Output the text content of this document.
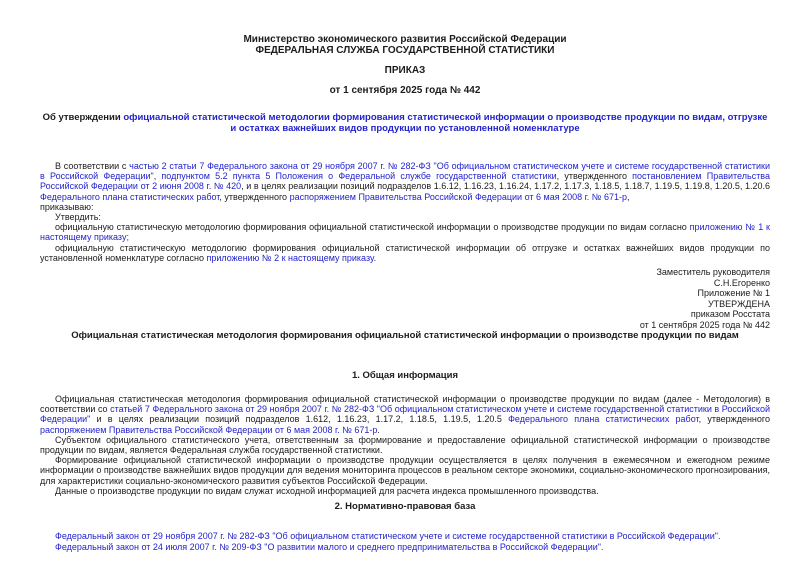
Министерство экономического развития Российской Федерации
ФЕДЕРАЛЬНАЯ СЛУЖБА ГОСУДАРСТВЕННОЙ СТАТИСТИКИ
ПРИКАЗ
от 1 сентября 2025 года № 442
Об утверждении официальной статистической методологии формирования статистической информации о производстве продукции по видам, отгрузке и остатках важнейших видов продукции по установленной номенклатуре

В соответствии с частью 2 статьи 7 Федерального закона от 29 ноября 2007 г. № 282-ФЗ "Об официальном статистическом учете и системе государственной статистики в Российской Федерации", подпунктом 5.2 пункта 5 Положения о Федеральной службе государственной статистики, утвержденного постановлением Правительства Российской Федерации от 2 июня 2008 г. № 420, и в целях реализации позиций подразделов 1.6.12, 1.16.23, 1.16.24, 1.17.2, 1.17.3, 1.18.5, 1.18.7, 1.19.5, 1.19.8, 1.20.5, 1.20.6 Федерального плана статистических работ, утвержденного распоряжением Правительства Российской Федерации от 6 мая 2008 г. № 671-р,

приказываю:

Утвердить:

официальную статистическую методологию формирования официальной статистической информации о производстве продукции по видам согласно приложению № 1 к настоящему приказу;

официальную статистическую методологию формирования официальной статистической информации об отгрузке и остатках важнейших видов продукции по установленной номенклатуре согласно приложению № 2 к настоящему приказу.

Заместитель руководителя
С.Н.Егоренко
Приложение № 1
УТВЕРЖДЕНА
приказом Росстата
от 1 сентября 2025 года № 442
Официальная статистическая методология формирования официальной статистической информации о производстве продукции по видам
1. Общая информация

Официальная статистическая методология формирования официальной статистической информации о производстве продукции по видам (далее - Методология) в соответствии со статьей 7 Федерального закона от 29 ноября 2007 г. № 282-ФЗ "Об официальном статистическом учете и системе государственной статистики в Российской Федерации" и в целях реализации позиций подразделов 1.612, 1.16.23, 1.17.2, 1.18.5, 1.19.5, 1.20.5 Федерального плана статистических работ, утвержденного распоряжением Правительства Российской Федерации от 6 мая 2008 г. № 671-р.

Субъектом официального статистического учета, ответственным за формирование и предоставление официальной статистической информации о производстве продукции по видам, является Федеральная служба государственной статистики.

Формирование официальной статистической информации о производстве продукции осуществляется в целях получения в ежемесячном и ежегодном режиме информации о производстве важнейших видов продукции для ведения мониторинга процессов в реальном секторе экономики, социально-экономического прогнозирования, для характеристики социально-экономического развития субъектов Российской Федерации.

Данные о производстве продукции по видам служат исходной информацией для расчета индекса промышленного производства.

2. Нормативно-правовая база
Федеральный закон от 29 ноября 2007 г. № 282-ФЗ "Об официальном статистическом учете и системе государственной статистики в Российской Федерации".
Федеральный закон от 24 июля 2007 г. № 209-ФЗ "О развитии малого и среднего предпринимательства в Российской Федерации".
